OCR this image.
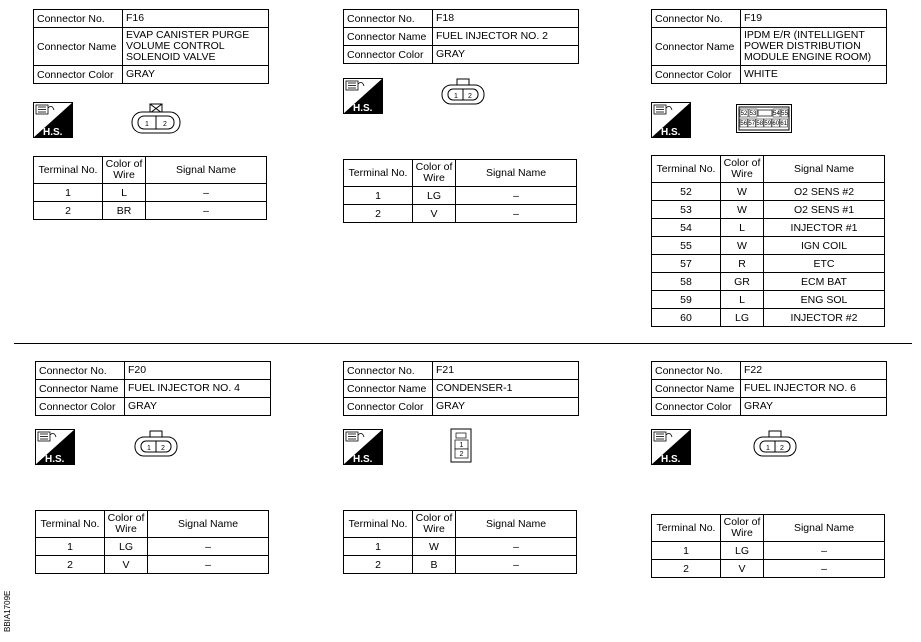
Connector No.	F16
Connector Name	EVAP CANISTER PURGE VOLUME CONTROL SOLENOID VALVE
Connector Color	GRAY
H.S.
1 2
Terminal No.	Color of Wire	Signal Name
1	L	–
2	BR	–
Connector No.	F18
Connector Name	FUEL INJECTOR NO. 2
Connector Color	GRAY
H.S.
1 2
Terminal No.	Color of Wire	Signal Name
1	LG	–
2	V	–
Connector No.	F19
Connector Name	IPDM E/R (INTELLIGENT POWER DISTRIBUTION MODULE ENGINE ROOM)
Connector Color	WHITE
H.S.
52 53	54 55
56 57 58 59 60 61
Terminal No.	Color of Wire	Signal Name
52	W	O2 SENS #2
53	W	O2 SENS #1
54	L	INJECTOR #1
55	W	IGN COIL
57	R	ETC
58	GR	ECM BAT
59	L	ENG SOL
60	LG	INJECTOR #2
Connector No.	F20
Connector Name	FUEL INJECTOR NO. 4
Connector Color	GRAY
H.S.
1 2
Terminal No.	Color of Wire	Signal Name
1	LG	–
2	V	–
Connector No.	F21
Connector Name	CONDENSER-1
Connector Color	GRAY
H.S.
1
2
Terminal No.	Color of Wire	Signal Name
1	W	–
2	B	–
Connector No.	F22
Connector Name	FUEL INJECTOR NO. 6
Connector Color	GRAY
H.S.
1 2
Terminal No.	Color of Wire	Signal Name
1	LG	–
2	V	–
BBIA1709E
